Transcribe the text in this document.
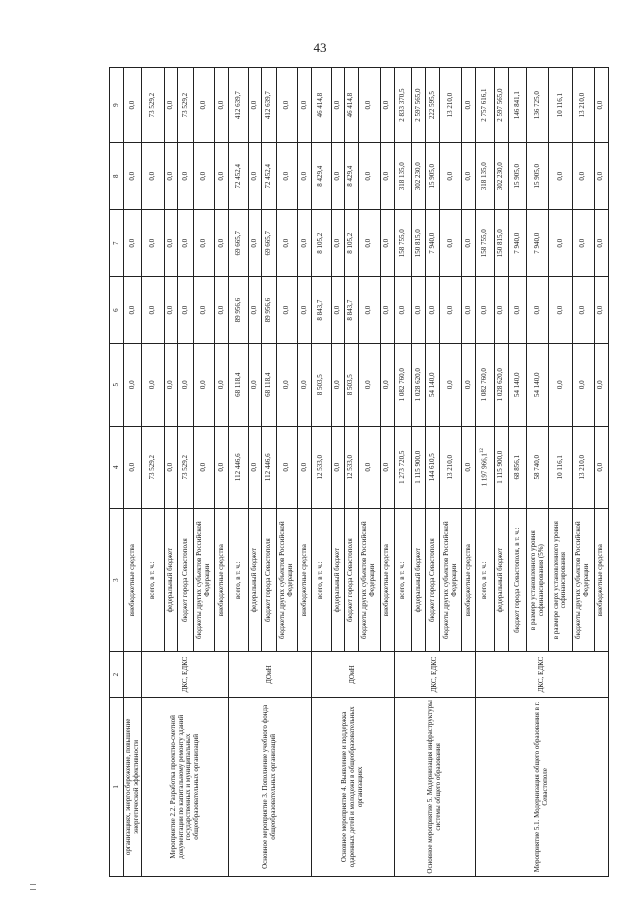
43
1	2	3	4	5	6	7	8	9
организациях, энергосбережение, повышение энергетической эффективности		внебюджетные средства	0,0	0,0	0,0	0,0	0,0	0,0
Мероприятие 2.2. Разработка проектно-сметной документации по капитальному ремонту зданий государственных и муниципальных общеобразовательных организаций	ДКС, ЕДКС	всего, в т. ч.:	73 529,2	0,0	0,0	0,0	0,0	73 529,2
		федеральный бюджет	0,0	0,0	0,0	0,0	0,0	0,0
		бюджет города Севастополя	73 529,2	0,0	0,0	0,0	0,0	73 529,2
		бюджеты других субъектов Российской Федерации	0,0	0,0	0,0	0,0	0,0	0,0
		внебюджетные средства	0,0	0,0	0,0	0,0	0,0	0,0
Основное мероприятие 3. Пополнение учебного фонда общеобразовательных организаций	ДОиН	всего, в т. ч.:	112 446,6	68 118,4	89 956,6	69 665,7	72 452,4	412 639,7
		федеральный бюджет	0,0	0,0	0,0	0,0	0,0	0,0
		бюджет города Севастополя	112 446,6	68 118,4	89 956,6	69 665,7	72 452,4	412 639,7
		бюджеты других субъектов Российской Федерации	0,0	0,0	0,0	0,0	0,0	0,0
		внебюджетные средства	0,0	0,0	0,0	0,0	0,0	0,0
Основное мероприятие 4. Выявление и поддержка одаренных детей и молодежи в общеобразовательных организациях	ДОиН	всего, в т. ч.:	12 533,0	8 503,5	8 843,7	8 105,2	8 429,4	46 414,8
		федеральный бюджет	0,0	0,0	0,0	0,0	0,0	0,0
		бюджет города Севастополя	12 533,0	8 503,5	8 843,7	8 105,2	8 429,4	46 414,8
		бюджеты других субъектов Российской Федерации	0,0	0,0	0,0	0,0	0,0	0,0
		внебюджетные средства	0,0	0,0	0,0	0,0	0,0	0,0
Основное мероприятие 5. Модернизация инфраструктуры системы общего образования	ДКС, ЕДКС	всего, в т. ч.:	1 273 720,5	1 082 760,0	0,0	158 755,0	318 135,0	2 833 370,5
		федеральный бюджет	1 115 900,0	1 028 620,0	0,0	150 815,0	302 230,0	2 597 565,0
		бюджет города Севастополя	144 610,5	54 140,0	0,0	7 940,0	15 905,0	222 595,5
		бюджеты других субъектов Российской Федерации	13 210,0	0,0	0,0	0,0	0,0	13 210,0
		внебюджетные средства	0,0	0,0	0,0	0,0	0,0	0,0
Мероприятие 5.1. Модернизация общего образования в г. Севастополе	ДКС, ЕДКС	всего, в т. ч.:	1 197 966,1$^{12}$	1 082 760,0	0,0	158 755,0	318 135,0	2 757 616,1
		федеральный бюджет	1 115 900,0	1 028 620,0	0,0	150 815,0	302 230,0	2 597 565,0
		бюджет города Севастополя, в т. ч.:	68 856,1	54 140,0	0,0	7 940,0	15 905,0	146 841,1
		в размере установленного уровня софинансирования (5%)	58 740,0	54 140,0	0,0	7 940,0	15 905,0	136 725,0
		в размере сверх установленного уровня софинансирования	10 116,1	0,0	0,0	0,0	0,0	10 116,1
		бюджеты других субъектов Российской Федерации	13 210,0	0,0	0,0	0,0	0,0	13 210,0
		внебюджетные средства	0,0	0,0	0,0	0,0	0,0	0,0
